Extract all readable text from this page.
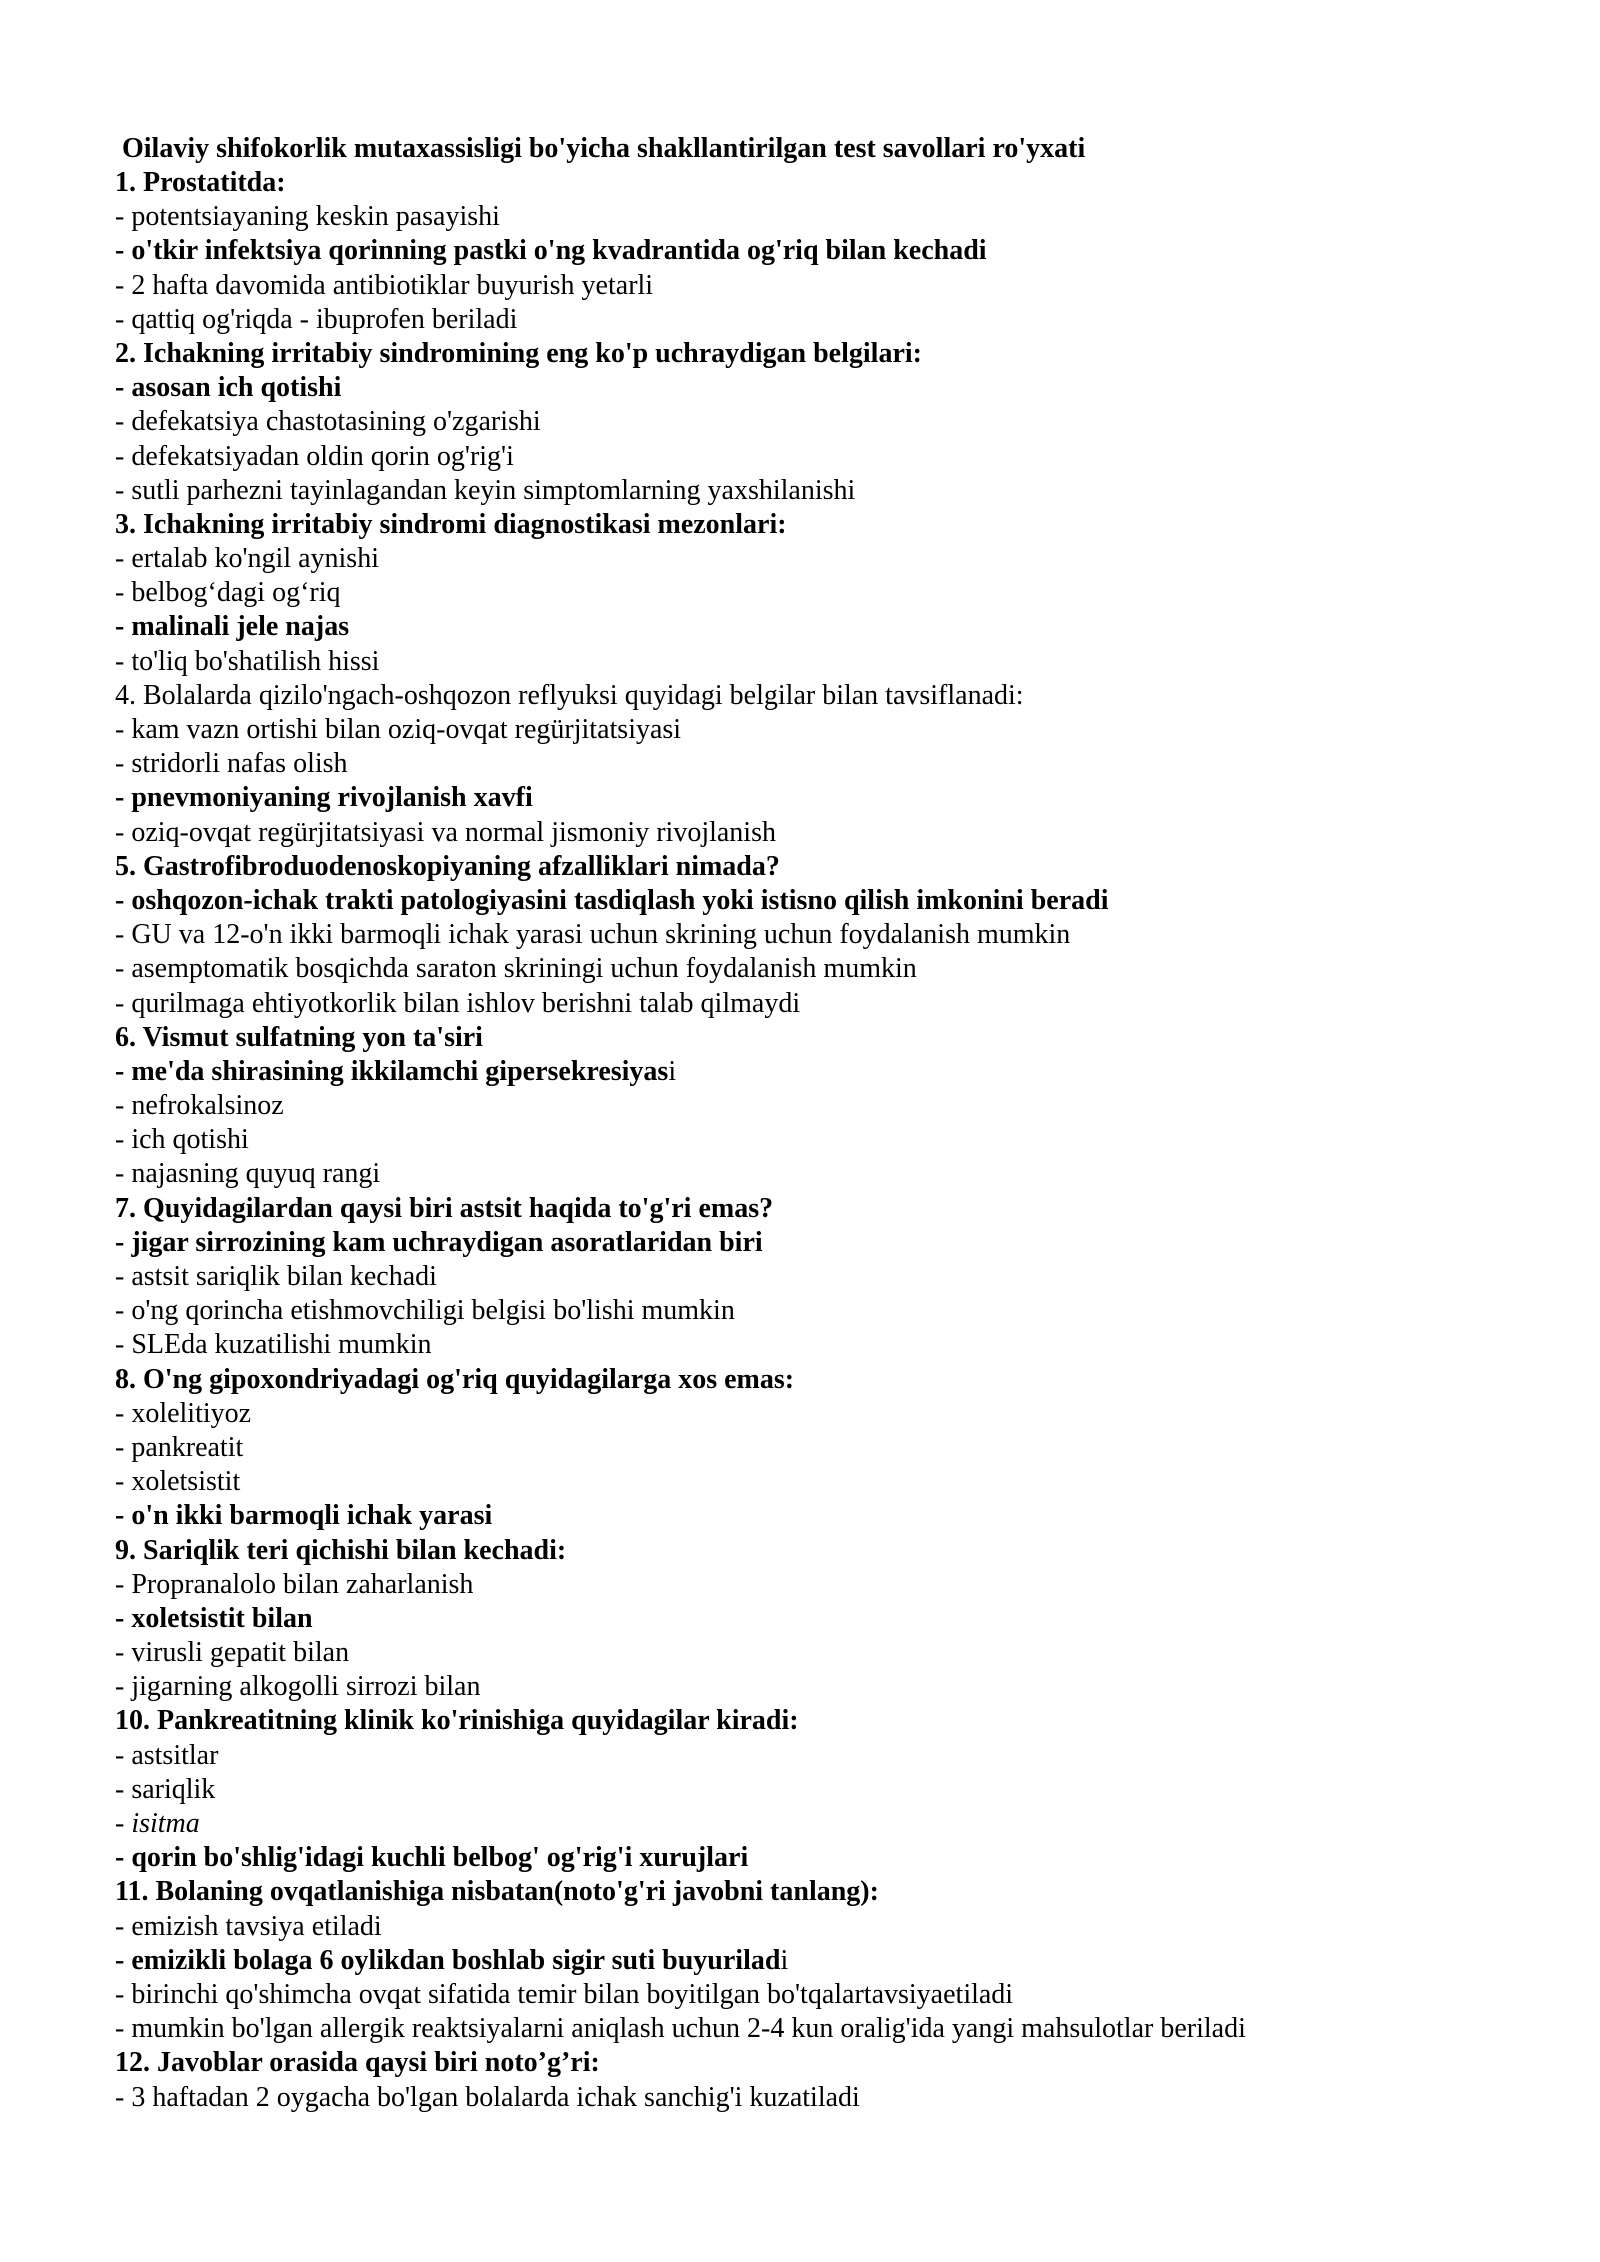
Oilaviy shifokorlik mutaxassisligi bo'yicha shakllantirilgan test savollari ro'yxati
1. Prostatitda:
- potentsiayaning keskin pasayishi
- o'tkir infektsiya qorinning pastki o'ng kvadrantida og'riq bilan kechadi
- 2 hafta davomida antibiotiklar buyurish yetarli
- qattiq og'riqda - ibuprofen beriladi
2. Ichakning irritabiy sindromining eng ko'p uchraydigan belgilari:
- asosan ich qotishi
- defekatsiya chastotasining o'zgarishi
- defekatsiyadan oldin qorin og'rig'i
- sutli parhezni tayinlagandan keyin simptomlarning yaxshilanishi
3. Ichakning irritabiy sindromi diagnostikasi mezonlari:
- ertalab ko'ngil aynishi
- belbog‘dagi og‘riq
- malinali jele najas
- to'liq bo'shatilish hissi
4. Bolalarda qizilo'ngach-oshqozon reflyuksi quyidagi belgilar bilan tavsiflanadi:
- kam vazn ortishi bilan oziq-ovqat regürjitatsiyasi
- stridorli nafas olish
- pnevmoniyaning rivojlanish xavfi
- oziq-ovqat regürjitatsiyasi va normal jismoniy rivojlanish
5. Gastrofibroduodenoskopiyaning afzalliklari nimada?
- oshqozon-ichak trakti patologiyasini tasdiqlash yoki istisno qilish imkonini beradi
- GU va 12-o'n ikki barmoqli ichak yarasi uchun skrining uchun foydalanish mumkin
- asemptomatik bosqichda saraton skriningi uchun foydalanish mumkin
- qurilmaga ehtiyotkorlik bilan ishlov berishni talab qilmaydi
6. Vismut sulfatning yon ta'siri
- me'da shirasining ikkilamchi gipersekresiyasi
- nefrokalsinoz
- ich qotishi
- najasning quyuq rangi
7. Quyidagilardan qaysi biri astsit haqida to'g'ri emas?
- jigar sirrozining kam uchraydigan asoratlaridan biri
- astsit sariqlik bilan kechadi
- o'ng qorincha etishmovchiligi belgisi bo'lishi mumkin
- SLEda kuzatilishi mumkin
8. O'ng gipoxondriyadagi og'riq quyidagilarga xos emas:
- xolelitiyoz
- pankreatit
- xoletsistit
- o'n ikki barmoqli ichak yarasi
9. Sariqlik teri qichishi bilan kechadi:
- Propranalolo bilan zaharlanish
- xoletsistit bilan
- virusli gepatit bilan
- jigarning alkogolli sirrozi bilan
10. Pankreatitning klinik ko'rinishiga quyidagilar kiradi:
- astsitlar
- sariqlik
- isitma
- qorin bo'shlig'idagi kuchli belbog' og'rig'i xurujlari
11. Bolaning ovqatlanishiga nisbatan(noto'g'ri javobni tanlang):
- emizish tavsiya etiladi
- emizikli bolaga 6 oylikdan boshlab sigir suti buyuriladi
- birinchi qo'shimcha ovqat sifatida temir bilan boyitilgan bo'tqalartavsiyaetiladi
- mumkin bo'lgan allergik reaktsiyalarni aniqlash uchun 2-4 kun oralig'ida yangi mahsulotlar beriladi
12. Javoblar orasida qaysi biri noto’g’ri:
- 3 haftadan 2 oygacha bo'lgan bolalarda ichak sanchig'i kuzatiladi
